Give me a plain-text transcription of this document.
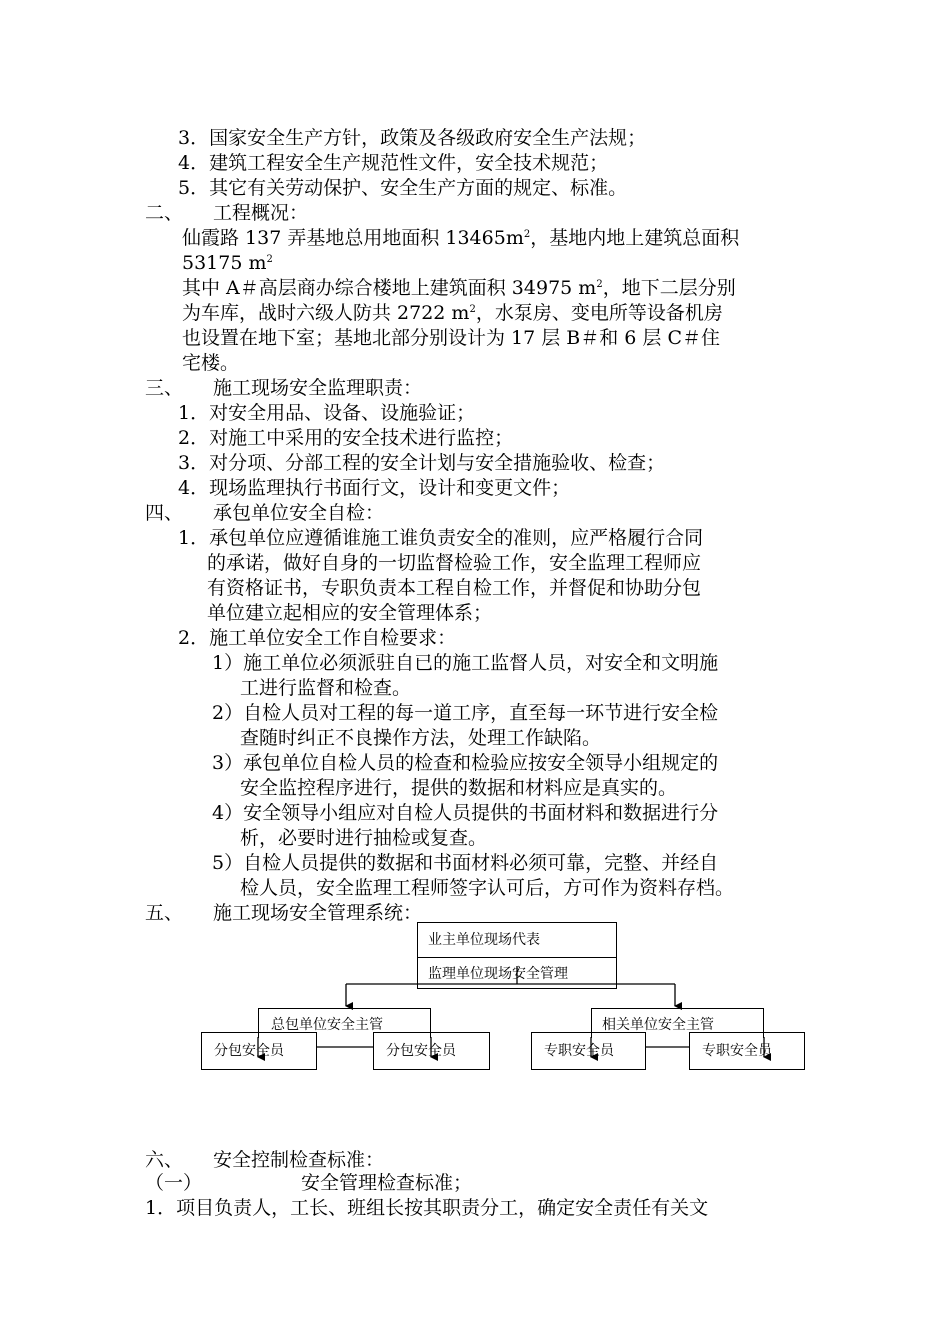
3．国家安全生产方针，政策及各级政府安全生产法规；
4．建筑工程安全生产规范性文件，安全技术规范；
5．其它有关劳动保护、安全生产方面的规定、标准。
二、 工程概况：
仙霞路 137 弄基地总用地面积 $13465m^2$，基地内地上建筑总面积
53175 $m^2$
其中 A＃高层商办综合楼地上建筑面积 34975 $m^2$，地下二层分别
为车库，战时六级人防共 2722 $m^2$，水泵房、变电所等设备机房
也设置在地下室；基地北部分别设计为 17 层 B＃和 6 层 C＃住
宅楼。
三、 施工现场安全监理职责：
1．对安全用品、设备、设施验证；
2．对施工中采用的安全技术进行监控；
3．对分项、分部工程的安全计划与安全措施验收、检查；
4．现场监理执行书面行文，设计和变更文件；
四、 承包单位安全自检：
1．承包单位应遵循谁施工谁负责安全的准则，应严格履行合同
的承诺，做好自身的一切监督检验工作，安全监理工程师应
有资格证书，专职负责本工程自检工作，并督促和协助分包
单位建立起相应的安全管理体系；
2．施工单位安全工作自检要求：
1）施工单位必须派驻自已的施工监督人员，对安全和文明施
工进行监督和检查。
2）自检人员对工程的每一道工序，直至每一环节进行安全检
查随时纠正不良操作方法，处理工作缺陷。
3）承包单位自检人员的检查和检验应按安全领导小组规定的
安全监控程序进行，提供的数据和材料应是真实的。
4）安全领导小组应对自检人员提供的书面材料和数据进行分
析，必要时进行抽检或复查。
5）自检人员提供的数据和书面材料必须可靠，完整、并经自
检人员，安全监理工程师签字认可后，方可作为资料存档。
五、 施工现场安全管理系统：
业主单位现场代表
监理单位现场安全管理
总包单位安全主管	相关单位安全主管
分包安全员	分包安全员	专职安全员	专职安全员
六、 安全控制检查标准：
（一）	安全管理检查标准；
1．项目负责人，工长、班组长按其职责分工，确定安全责任有关文
